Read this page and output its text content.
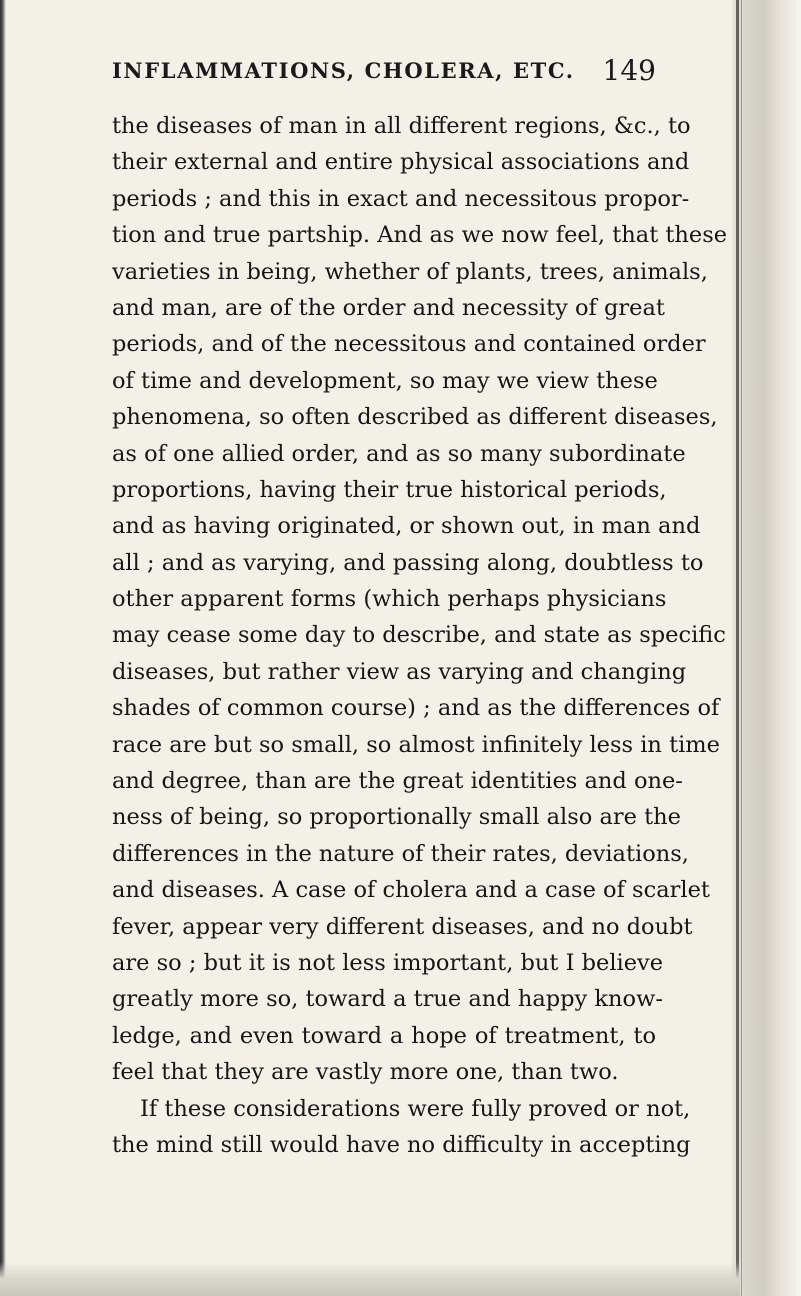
INFLAMMATIONS, CHOLERA, ETC. 149
the diseases of man in all different regions, &c., to
their external and entire physical associations and
periods ; and this in exact and necessitous propor-
tion and true partship. And as we now feel, that these
varieties in being, whether of plants, trees, animals,
and man, are of the order and necessity of great
periods, and of the necessitous and contained order
of time and development, so may we view these
phenomena, so often described as different diseases,
as of one allied order, and as so many subordinate
proportions, having their true historical periods,
and as having originated, or shown out, in man and
all ; and as varying, and passing along, doubtless to
other apparent forms (which perhaps physicians
may cease some day to describe, and state as specific
diseases, but rather view as varying and changing
shades of common course) ; and as the differences of
race are but so small, so almost infinitely less in time
and degree, than are the great identities and one-
ness of being, so proportionally small also are the
differences in the nature of their rates, deviations,
and diseases. A case of cholera and a case of scarlet
fever, appear very different diseases, and no doubt
are so ; but it is not less important, but I believe
greatly more so, toward a true and happy know-
ledge, and even toward a hope of treatment, to
feel that they are vastly more one, than two.
If these considerations were fully proved or not,
the mind still would have no difficulty in accepting
